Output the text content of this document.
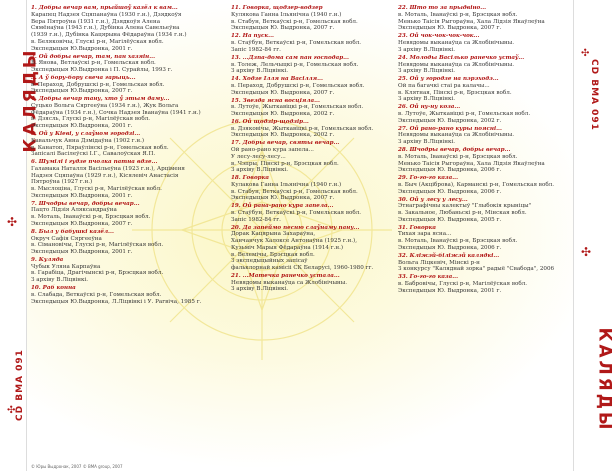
КАЛЯДЫ
✣
CD BMA 091
✣
✣
CD BMA 091
✣
КАЛЯДЫ
1. Добры вечар вам, прыйшоў казёл к вам...
Карапец Надзея Сцяпанаўна (1930 г.н.), Дзядкоўя
Вера Пятроўна (1931 г.н.), Дзядкоўя Алена
Сямёнаўна (1943 г.н.), Дубінка Алена Савельеўна
(1939 г.н.), Дубінка Кацярына Фёдараўна (1934 г.н.)
в. Беляковічы, Глускі р-н, Магілёўская вобл.
Экспедыцыя Ю.Выдронка, 2001 г.
2. Ой добры вечар, там, пан хазяін...
В. Янова, Ветлаўскі р-н, Гомельская вобл.
Экспедыцыя Ю.Выдронка і П. Сурайлы, 1993 г.
3. А ў бору-бору свеча гарыць...
в. Пераход, Добрушскі р-н, Гомельская вобл.
Экспедыцыя Ю.Выдронка, 2007 г.
4. Добры вечар тану, хто ў этым даму...
Суцько Вольга Сяргееўна (1934 г.н.), Жук Вольга
Фёдараўна (1934 г.н.), Сочка Надзея Іванаўна (1941 г.н.)
в. Дзясль, Глускі р-н, Магілёўская вобл.
Экспедыцыя Ю.Выдронка, 2001 г.
5. Ой у Кіеві, у слаўном городзі...
Кавальчук Анна Дзмідаўна (1902 г.н.)
в. Канатоп, Пяраўлінскі р-н, Гомельская вобл.
Запісалі Васілеўскі І.Г., Савалоўская Я.П.
6. Шумілі і гудзе пчолка патна вдзе...
Галамака Наталля Васільеўна (1923 г.н.), Арціменя
Надзея Сцяпаўна (1929 г.н.), Кісялевіч Анастасія
Пятроўна (1927 г.н.)
в. Мыслоціна, Глускі р-н, Магілёўская вобл.
Экспедыцыя Ю.Выдронка, 2001 г.
7. Шчодры вечар, добры вечар...
Пацто Лідзія Аляксандраўна
в. Моталь, Іванаўскі р-н, Брэсцкая вобл.
Экспедыцыя Ю.Выдронка, 2007 г.
8. Был у бабушкі казёл...
Окруч Сафія Сяргееўна
в. Сімановічы, Глускі р-н, Магілёўская вобл.
Экспедыцыя Ю.Выдронка, 2001 г.
9. Куляда
Чубык Уляна Карпаўна
в. Гарабіца, Драгічынскі р-н, Брэсцкая вобл.
З архіву В.Ліцвінкі.
10. Раб конна
в. Слабада, Веткаўскі р-н, Гомельская вобл.
Экспедыцыя Ю.Выдронка, Л.Ліцвінкі і У. Рагвіча, 1985 г.
11. Говорка, щодзер-водзер
Кулякова Ганна Ільянічна (1940 г.н.)
в. Стабун, Веткаўскі р-н, Гомельская вобл.
Экспедыцыя Ю. Выдронка, 2007 г.
12. На пуск...
в. Стаўбун, Веткаўскі р-н, Гомельская вобл.
Запіс 1982-84 гг.
13. ...Дзпа-дома сам пан господар...
в. Толеж, Лельчыцкі р-н, Гомельская вобл.
З архіву В.Ліцвінкі.
14. Ходзе Ілля на Васілля...
в. Пераход, Добрушскі р-н, Гомельская вобл.
Экспедыцыя Ю. Выдронка, 2007 г.
15. Звезда ясна восціяла...
в. Лутоўе, Жыткавіцкі р-н, Гомельская вобл.
Экспедыцыя Ю. Выдронка, 2002 г.
16. Ой щодзір-щодзір...
в. Дзяковічы, Жыткавіцкі р-н, Гомельская вобл.
Экспедыцыя Ю. Выдронка, 2002 г.
17. Добры вечар, святы вечар...
Ой рано-рано кура запела...
У лесу-лесу-лесу...
в. Чэпры, Пінскі р-н, Брэсцкая вобл.
З архіву В.Ліцвінкі.
18. Говорка
Кулакова Ганна Ільянічна (1940 г.н.)
в. Стабун, Веткаўскі р-н, Гомельская вобл.
Экспедыцыя Ю. Выдронка, 2007 г.
19. Ой рана-рано кура запела...
в. Стаўбун, Веткаўскі р-н, Гомельская вобл.
Запіс 1982-84 гг.
20. Да запеймо песню слаўнаму пану...
Дорак Кацярына Захараўна,
Ханчанчук Халоксе Антонаўна (1925 г.н.),
Кузьміч Марыя Фёдараўна (1914 г.н.)
в. Велемічы, Брэсцкая вобл.
З экспедыцыйных запісаў
фальклорнай камісіі СК Беларусі, 1960-1980 гг.
21. ...Матечка ранечко устала...
Невядомы выканаўца са Жлобінічыны.
З архіву В.Ліцвінкі.
22. Што то за прыдвіно...
в. Моталь, Іванаўскі р-н, Брэсцкая вобл.
Менько Таісія Рыгораўна, Халa Лідзія Якаўлеўна
Экспедыцыя Ю. Выдронка, 2007 г.
23. Ой чок-чок-чок-чок...
Невядомы выканаўца са Жлобінічыны.
З архіву В.Ліцвінкі.
24. Молоды Васілько ранечко устаў...
Невядомы выканаўца са Жлобінічыны.
З архіву В.Ліцвінкі.
25. Ой у городзе на пэрэходэ...
Ой па багачкі стаі ра калачы...
в. Клятная, Пінскі р-н, Брэсцкая вобл.
З архіву В.Ліцвінкі.
26. Ой ну-ну коза...
в. Лутоўе, Жыткавіцкі р-н, Гомельская вобл.
Экспедыцыя Ю. Выдронка, 2002 г.
27. Ой рано-рано куры поясні...
Невядомы выканаўца са Жлобінічыны.
З архіву В.Ліцвінкі.
28. Шчодры вечар, добры вечар...
в. Моталь, Іванаўскі р-н, Брэсцкая вобл.
Менько Таісія Рыгораўна, Халa Лідзія Якаўлеўна
Экспедыцыя Ю. Выдронка, 2006 г.
29. Го-го-го каза...
в. Быч (Акціброва), Карманскі р-н, Гомельская вобл.
Экспедыцыя Ю. Выдронка, 2006 г.
30. Ой у лесу у лесу...
Этнаграфічны калектыў "Глыбокія крыніцы"
в. Закальное, Любаньскі р-н, Мінская вобл.
Экспедыцыя Ю. Выдронка, 2005 г.
31. Говорка
Тихая зара ясна...
в. Моталь, Іванаўскі р-н, Брэсцкая вобл.
Экспедыцыя Ю. Выдронка, 2006 г.
32. Кліжэй-біліжэй калядкі...
Вольга Ліцкевіч, Мінскі р-н
З конкурсу "Каляднай зорка" радыё "Свабода", 2006
33. Го-го-го каза...
в. Бабровічы, Глускі р-н, Магілёўская вобл.
Экспедыцыя Ю. Выдронка, 2001 г.
© Юры Выдронак, 2007 © BMA group, 2007
